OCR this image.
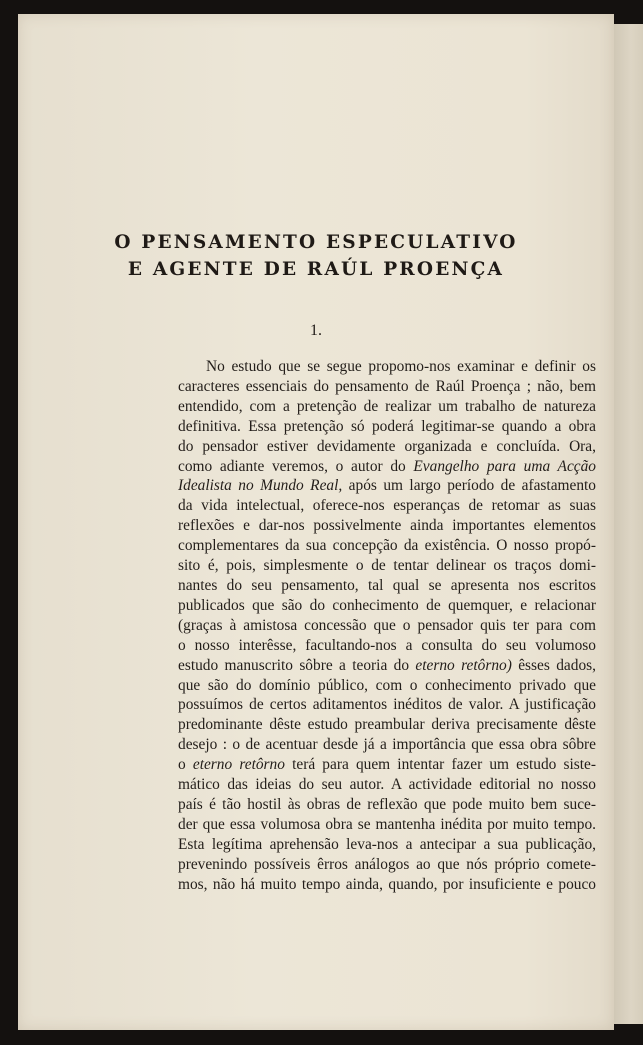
O PENSAMENTO ESPECULATIVO
E AGENTE DE RAÚL PROENÇA
1.
No estudo que se segue propomo-nos examinar e definir os
caracteres essenciais do pensamento de Raúl Proença ; não, bem
entendido, com a pretenção de realizar um trabalho de natureza
definitiva. Essa pretenção só poderá legitimar-se quando a obra
do pensador estiver devidamente organizada e concluída. Ora,
como adiante veremos, o autor do Evangelho para uma Acção
Idealista no Mundo Real, após um largo período de afastamento
da vida intelectual, oferece-nos esperanças de retomar as suas
reflexões e dar-nos possivelmente ainda importantes elementos
complementares da sua concepção da existência. O nosso propó-
sito é, pois, simplesmente o de tentar delinear os traços domi-
nantes do seu pensamento, tal qual se apresenta nos escritos
publicados que são do conhecimento de quemquer, e relacionar
(graças à amistosa concessão que o pensador quis ter para com
o nosso interêsse, facultando-nos a consulta do seu volumoso
estudo manuscrito sôbre a teoria do eterno retôrno) êsses dados,
que são do domínio público, com o conhecimento privado que
possuímos de certos aditamentos inéditos de valor. A justificação
predominante dêste estudo preambular deriva precisamente dêste
desejo : o de acentuar desde já a importância que essa obra sôbre
o eterno retôrno terá para quem intentar fazer um estudo siste-
mático das ideias do seu autor. A actividade editorial no nosso
país é tão hostil às obras de reflexão que pode muito bem suce-
der que essa volumosa obra se mantenha inédita por muito tempo.
Esta legítima aprehensão leva-nos a antecipar a sua publicação,
prevenindo possíveis êrros análogos ao que nós próprio comete-
mos, não há muito tempo ainda, quando, por insuficiente e pouco
